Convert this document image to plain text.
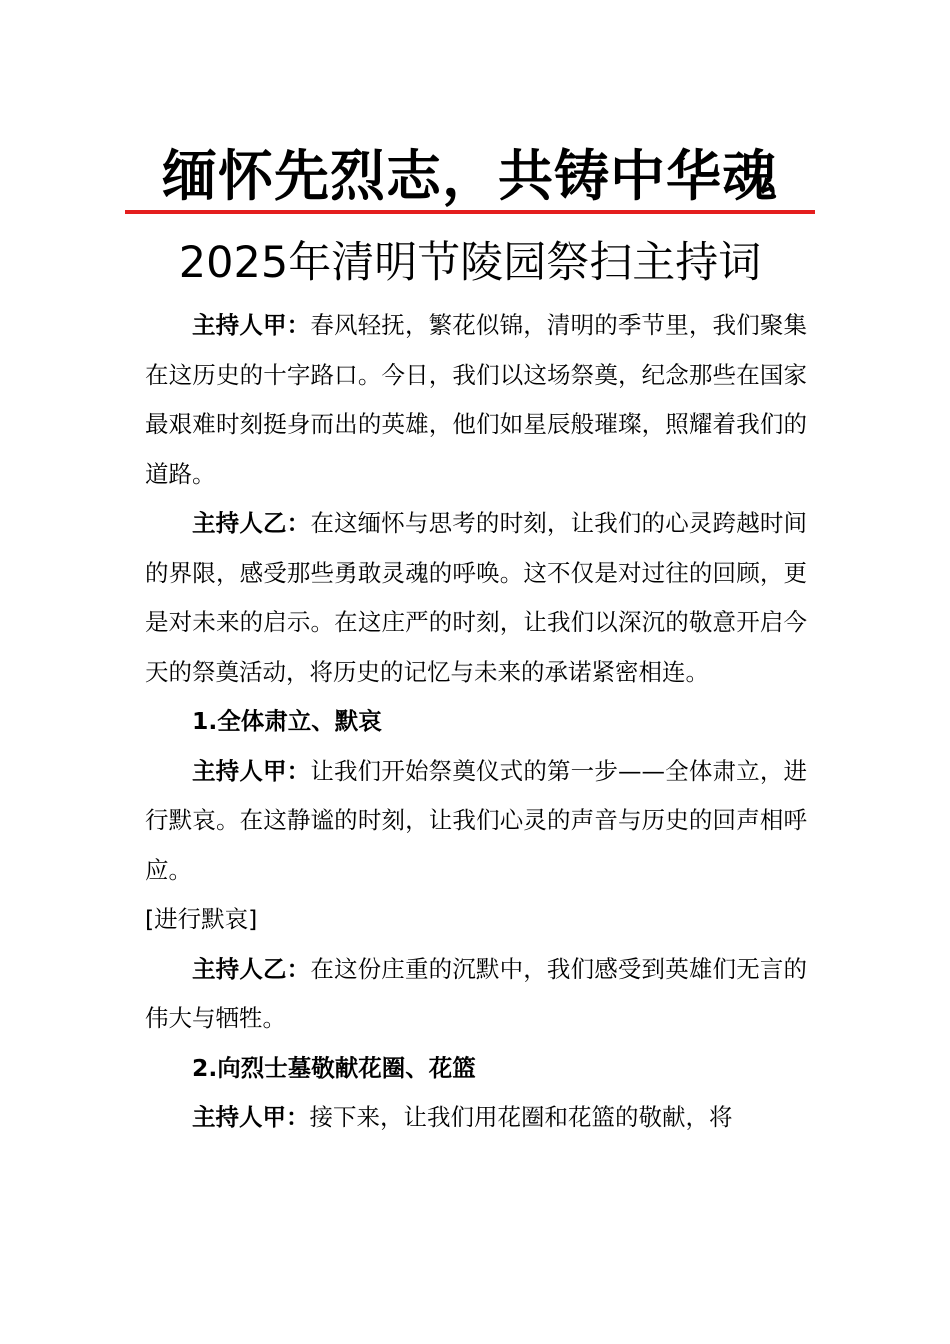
缅怀先烈志，共铸中华魂
2025年清明节陵园祭扫主持词

主持人甲：春风轻抚，繁花似锦，清明的季节里，我们聚集在这历史的十字路口。今日，我们以这场祭奠，纪念那些在国家最艰难时刻挺身而出的英雄，他们如星辰般璀璨，照耀着我们的道路。

主持人乙：在这缅怀与思考的时刻，让我们的心灵跨越时间的界限，感受那些勇敢灵魂的呼唤。这不仅是对过往的回顾，更是对未来的启示。在这庄严的时刻，让我们以深沉的敬意开启今天的祭奠活动，将历史的记忆与未来的承诺紧密相连。

1.全体肃立、默哀

主持人甲：让我们开始祭奠仪式的第一步——全体肃立，进行默哀。在这静谧的时刻，让我们心灵的声音与历史的回声相呼应。

[进行默哀]

主持人乙：在这份庄重的沉默中，我们感受到英雄们无言的伟大与牺牲。

2.向烈士墓敬献花圈、花篮

主持人甲：接下来，让我们用花圈和花篮的敬献，将
